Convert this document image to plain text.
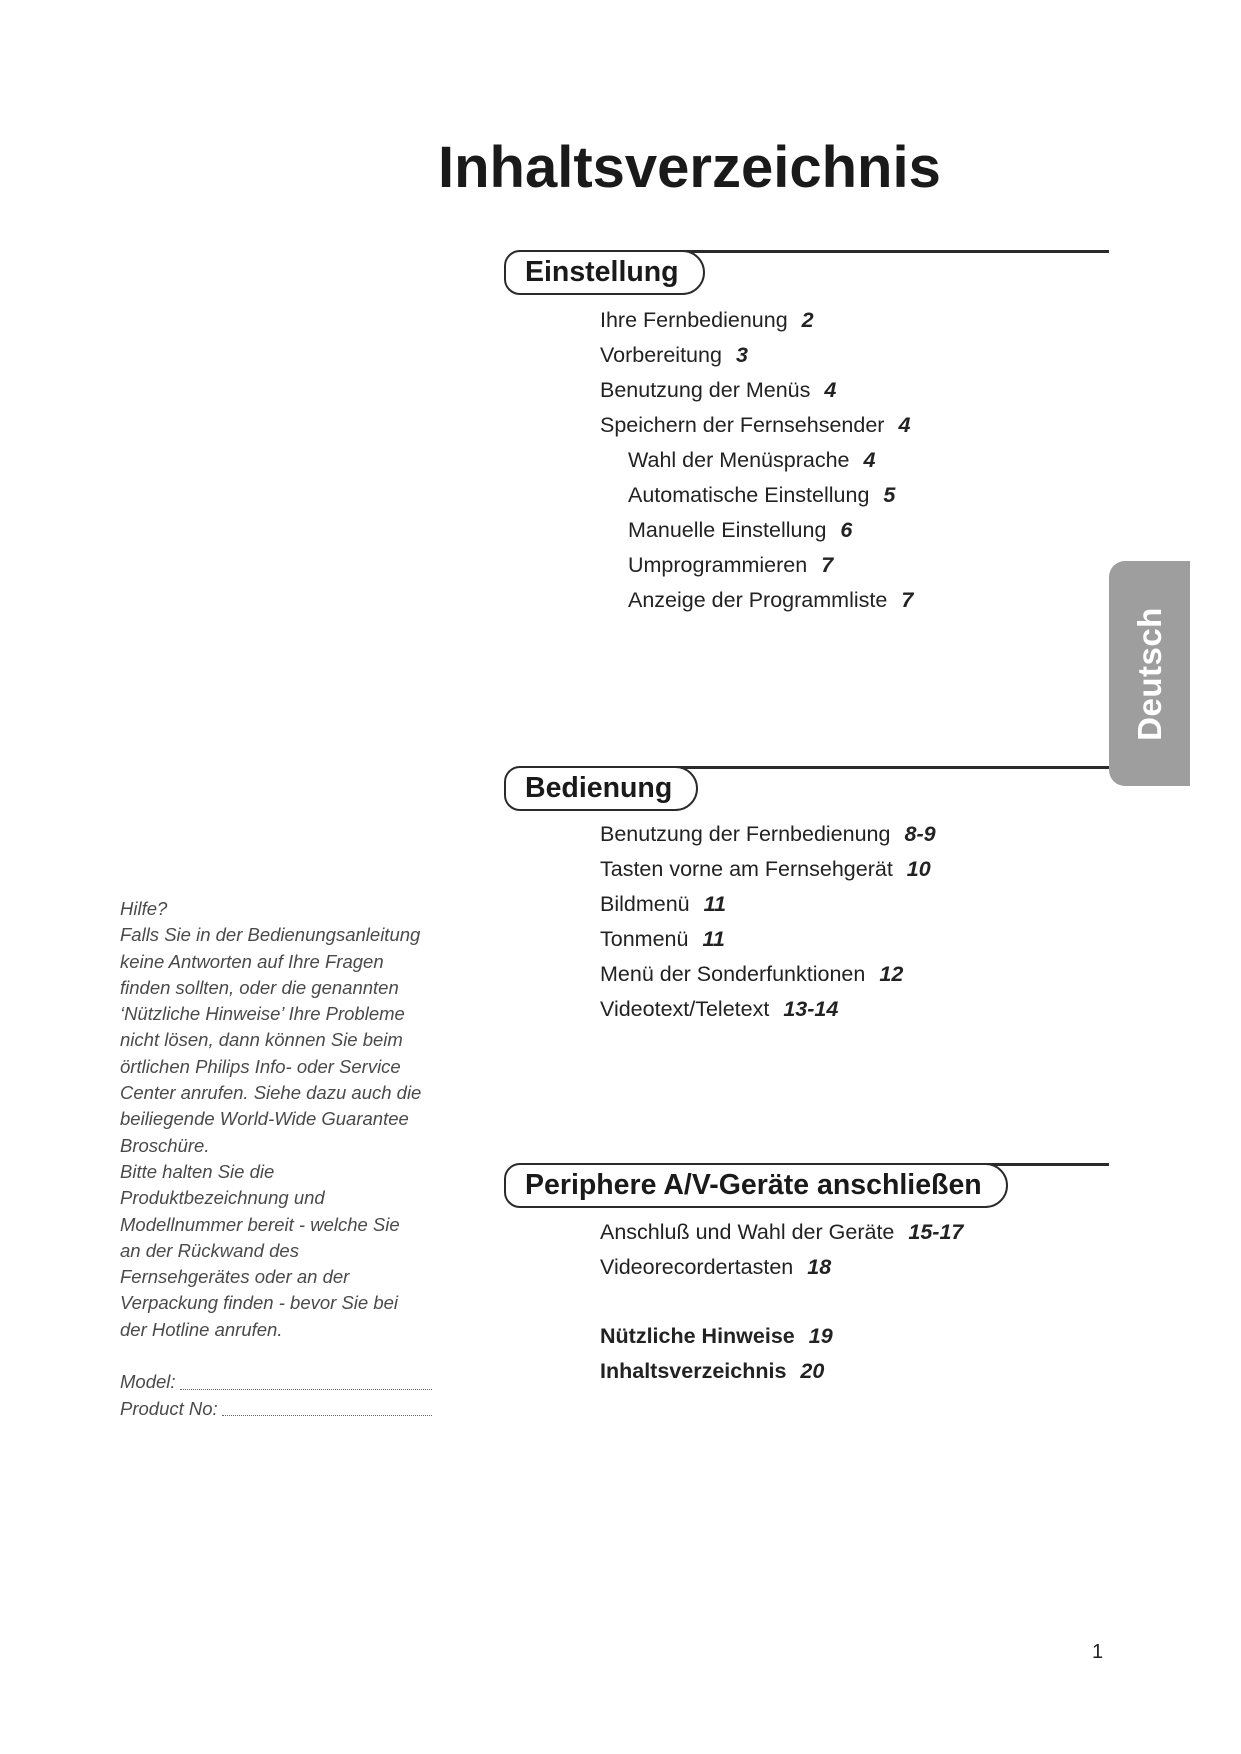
Inhaltsverzeichnis
Einstellung
Ihre Fernbedienung 2
Vorbereitung 3
Benutzung der Menüs 4
Speichern der Fernsehsender 4
Wahl der Menüsprache 4
Automatische Einstellung 5
Manuelle Einstellung 6
Umprogrammieren 7
Anzeige der Programmliste 7
Bedienung
Benutzung der Fernbedienung 8-9
Tasten vorne am Fernsehgerät 10
Bildmenü 11
Tonmenü 11
Menü der Sonderfunktionen 12
Videotext/Teletext 13-14
Periphere A/V-Geräte anschließen
Anschluß und Wahl der Geräte 15-17
Videorecordertasten 18
Nützliche Hinweise 19
Inhaltsverzeichnis 20
Hilfe?
Falls Sie in der Bedienungsanleitung
keine Antworten auf Ihre Fragen
finden sollten, oder die genannten
‘Nützliche Hinweise’ Ihre Probleme
nicht lösen, dann können Sie beim
örtlichen Philips Info- oder Service
Center anrufen. Siehe dazu auch die
beiliegende World-Wide Guarantee
Broschüre.
Bitte halten Sie die
Produktbezeichnung und
Modellnummer bereit - welche Sie
an der Rückwand des
Fernsehgerätes oder an der
Verpackung finden - bevor Sie bei
der Hotline anrufen.
Model:
Product No:
Deutsch
1
